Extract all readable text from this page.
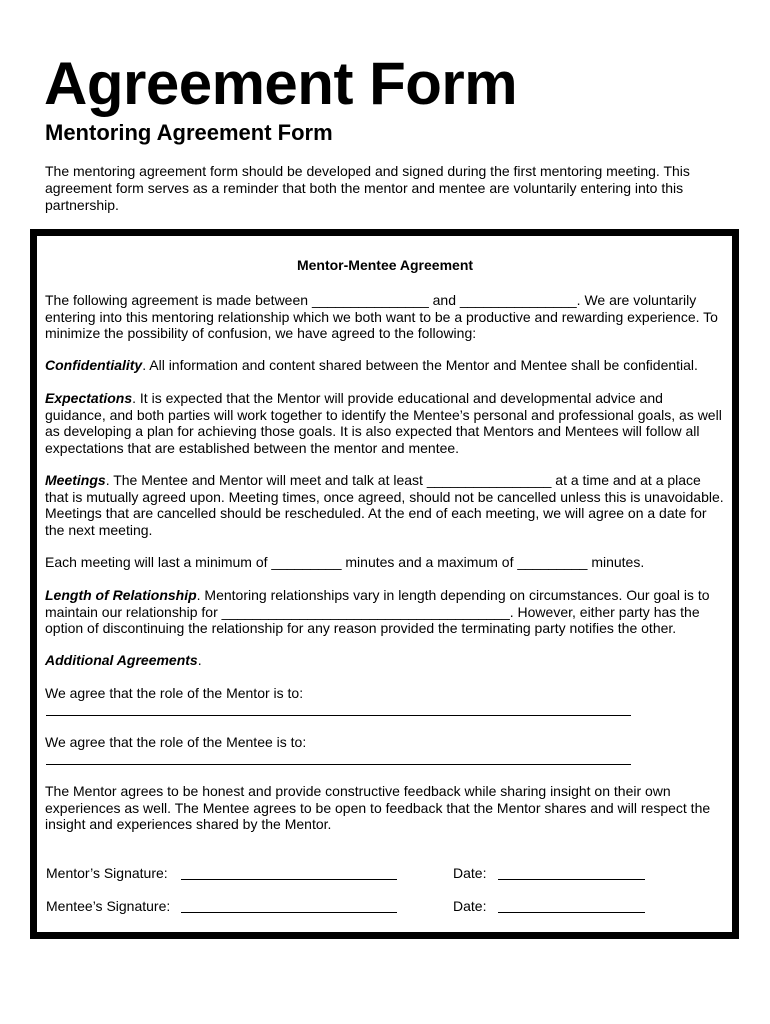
Agreement Form
Mentoring Agreement Form

The mentoring agreement form should be developed and signed during the first mentoring meeting. This agreement form serves as a reminder that both the mentor and mentee are voluntarily entering into this partnership.

Mentor-Mentee Agreement

The following agreement is made between _______________ and _______________. We are voluntarily entering into this mentoring relationship which we both want to be a productive and rewarding experience. To minimize the possibility of confusion, we have agreed to the following:

Confidentiality. All information and content shared between the Mentor and Mentee shall be confidential.

Expectations. It is expected that the Mentor will provide educational and developmental advice and guidance, and both parties will work together to identify the Mentee’s personal and professional goals, as well as developing a plan for achieving those goals. It is also expected that Mentors and Mentees will follow all expectations that are established between the mentor and mentee.

Meetings. The Mentee and Mentor will meet and talk at least ________________ at a time and at a place that is mutually agreed upon. Meeting times, once agreed, should not be cancelled unless this is unavoidable. Meetings that are cancelled should be rescheduled. At the end of each meeting, we will agree on a date for the next meeting.

Each meeting will last a minimum of _________ minutes and a maximum of _________ minutes.

Length of Relationship. Mentoring relationships vary in length depending on circumstances. Our goal is to maintain our relationship for _____________________________________. However, either party has the option of discontinuing the relationship for any reason provided the terminating party notifies the other.

Additional Agreements.

We agree that the role of the Mentor is to:

We agree that the role of the Mentee is to:

The Mentor agrees to be honest and provide constructive feedback while sharing insight on their own experiences as well. The Mentee agrees to be open to feedback that the Mentor shares and will respect the insight and experiences shared by the Mentor.

Mentor’s Signature:	Date:

Mentee’s Signature:	Date:
